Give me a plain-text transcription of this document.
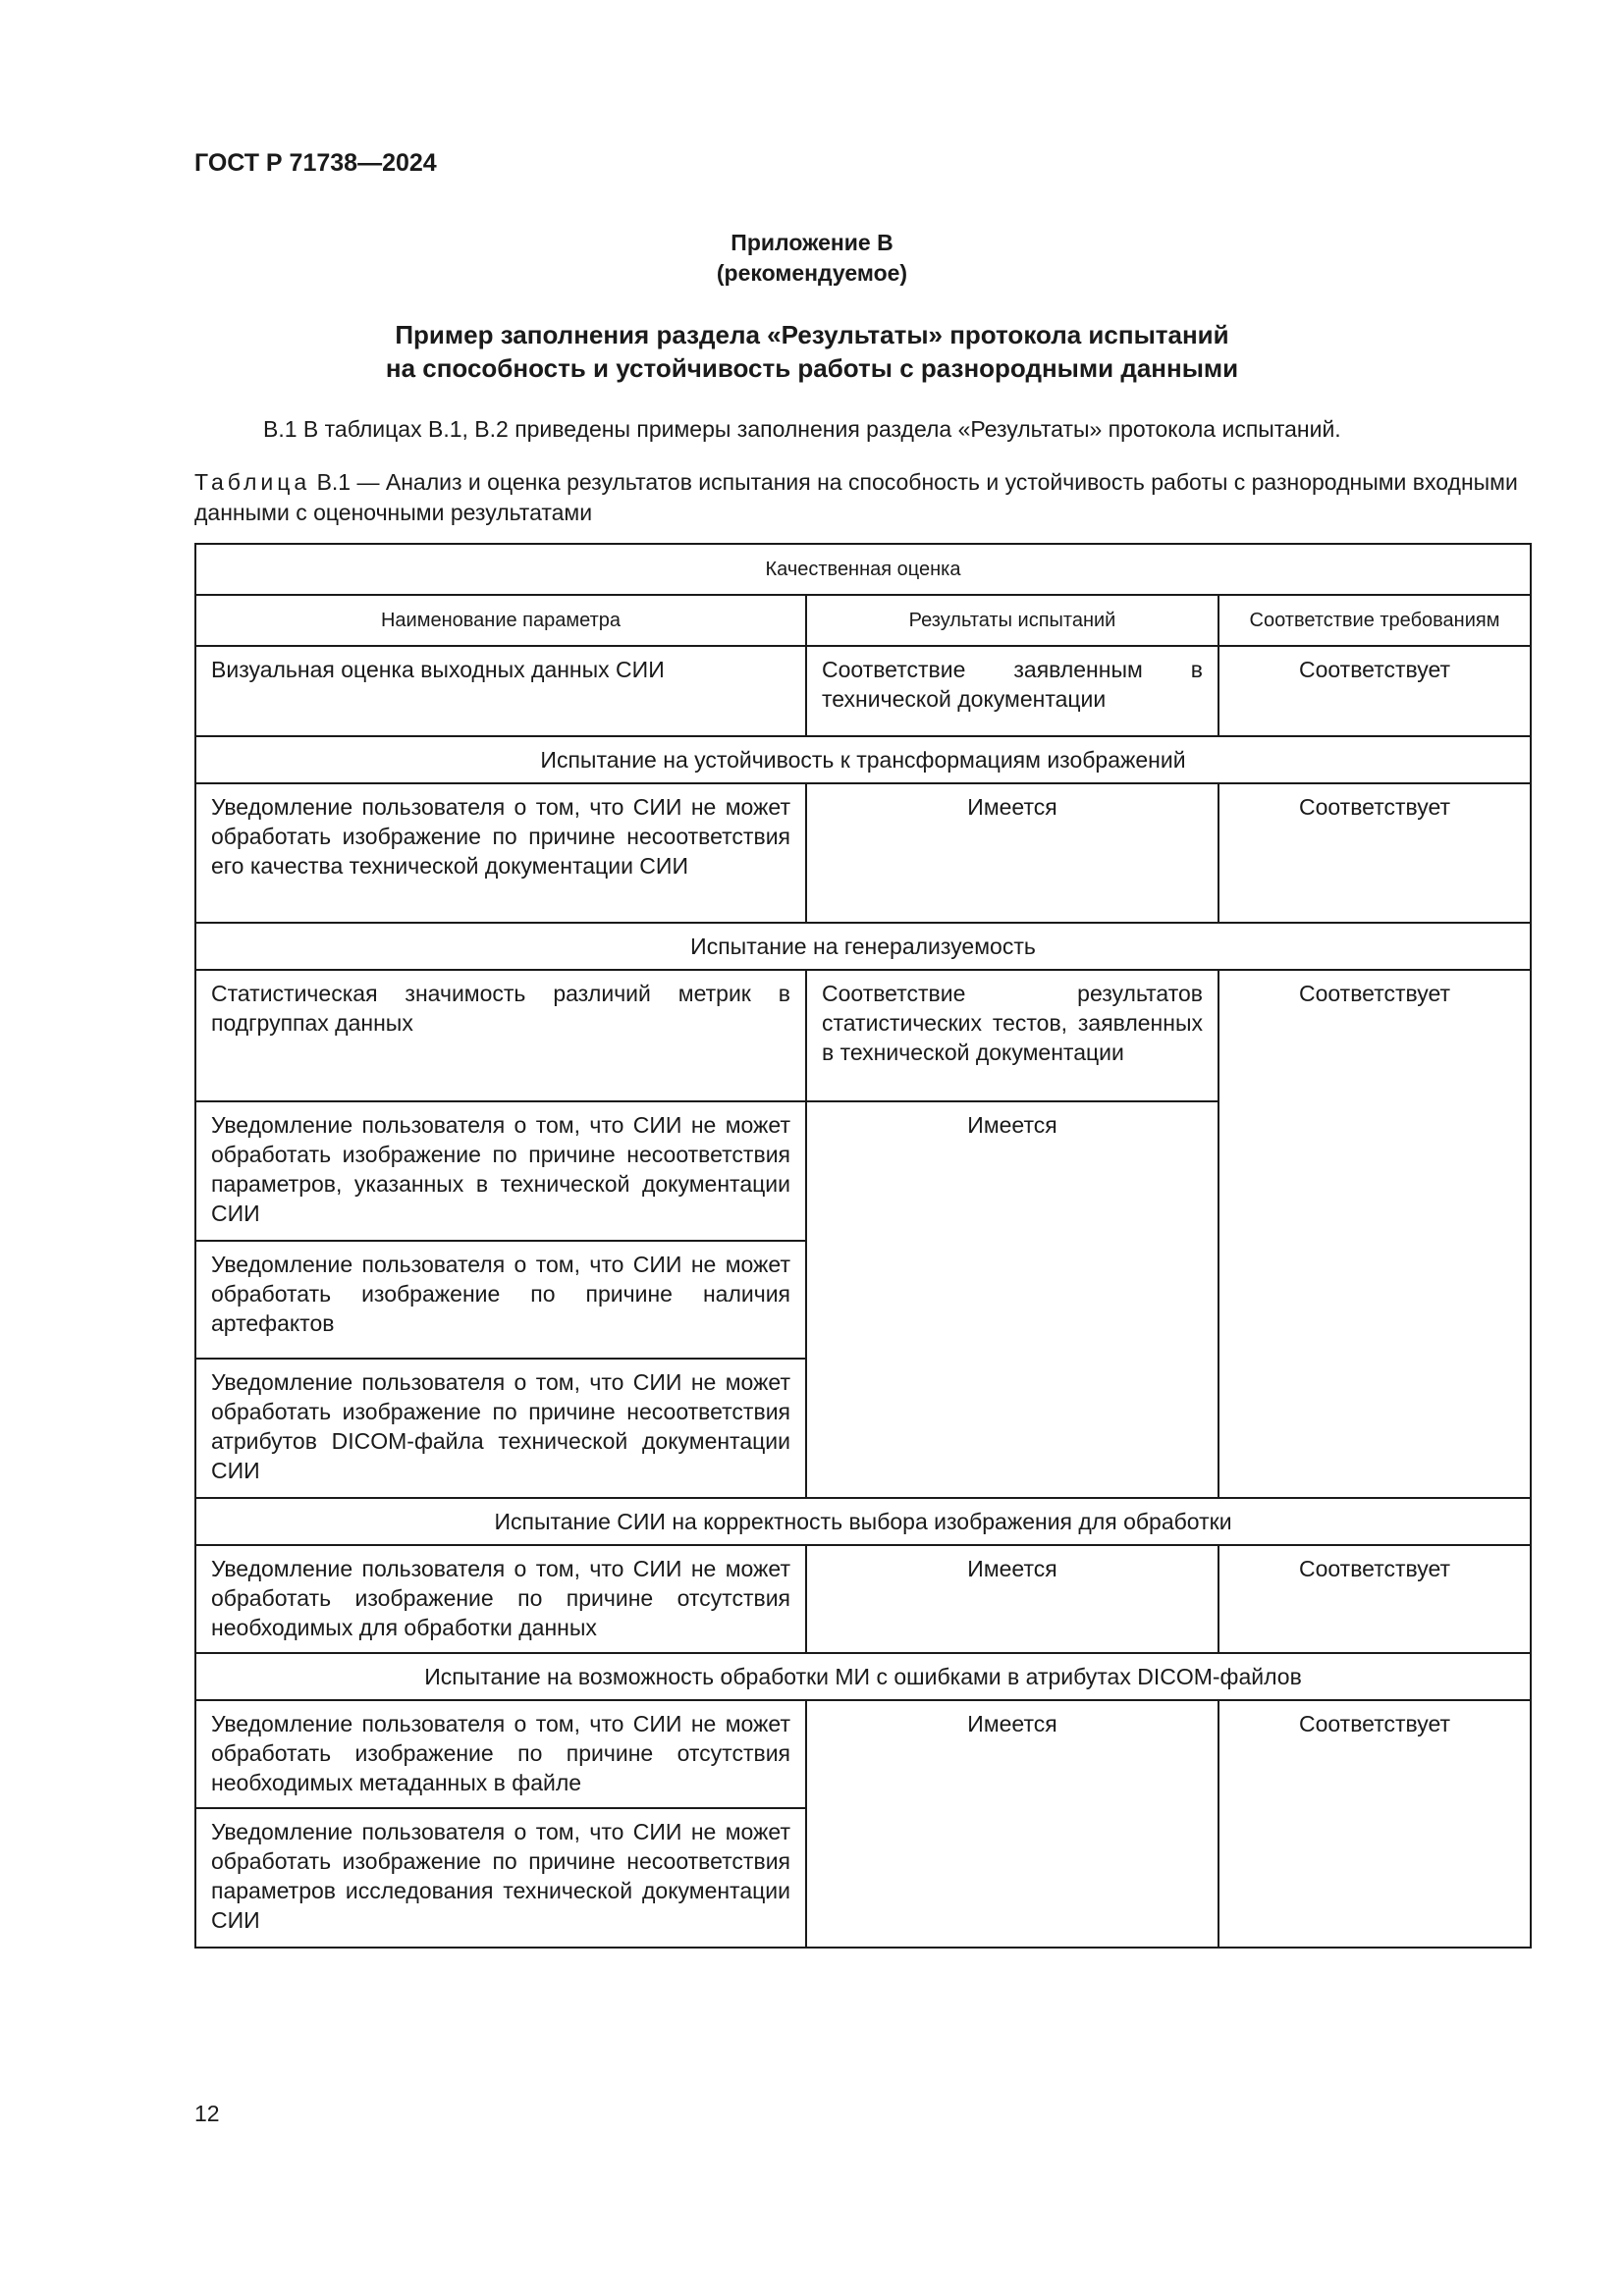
ГОСТ Р 71738—2024
Приложение В
(рекомендуемое)
Пример заполнения раздела «Результаты» протокола испытаний
на способность и устойчивость работы с разнородными данными
В.1 В таблицах В.1, В.2 приведены примеры заполнения раздела «Результаты» протокола испытаний.
Таблица В.1 — Анализ и оценка результатов испытания на способность и устойчивость работы с разнородными входными данными с оценочными результатами
Качественная оценка		
Наименование параметра	Результаты испытаний	Соответствие требованиям
Визуальная оценка выходных данных СИИ	Соответствие заявленным в технической документации	Соответствует
Испытание на устойчивость к трансформациям изображений		
Уведомление пользователя о том, что СИИ не может обработать изображение по причине несоответствия его качества технической документации СИИ	Имеется	Соответствует
Испытание на генерализуемость		
Статистическая значимость различий метрик в подгруппах данных	Соответствие результатов статистических тестов, заявленных в технической документации	Соответствует
Уведомление пользователя о том, что СИИ не может обработать изображение по причине несоответствия параметров, указанных в технической документации СИИ	Имеется	
Уведомление пользователя о том, что СИИ не может обработать изображение по причине наличия артефактов		
Уведомление пользователя о том, что СИИ не может обработать изображение по причине несоответствия атрибутов DICOM-файла технической документации СИИ		
Испытание СИИ на корректность выбора изображения для обработки		
Уведомление пользователя о том, что СИИ не может обработать изображение по причине отсутствия необходимых для обработки данных	Имеется	Соответствует
Испытание на возможность обработки МИ с ошибками в атрибутах DICOM-файлов		
Уведомление пользователя о том, что СИИ не может обработать изображение по причине отсутствия необходимых метаданных в файле	Имеется	Соответствует
Уведомление пользователя о том, что СИИ не может обработать изображение по причине несоответствия параметров исследования технической документации СИИ		
12
